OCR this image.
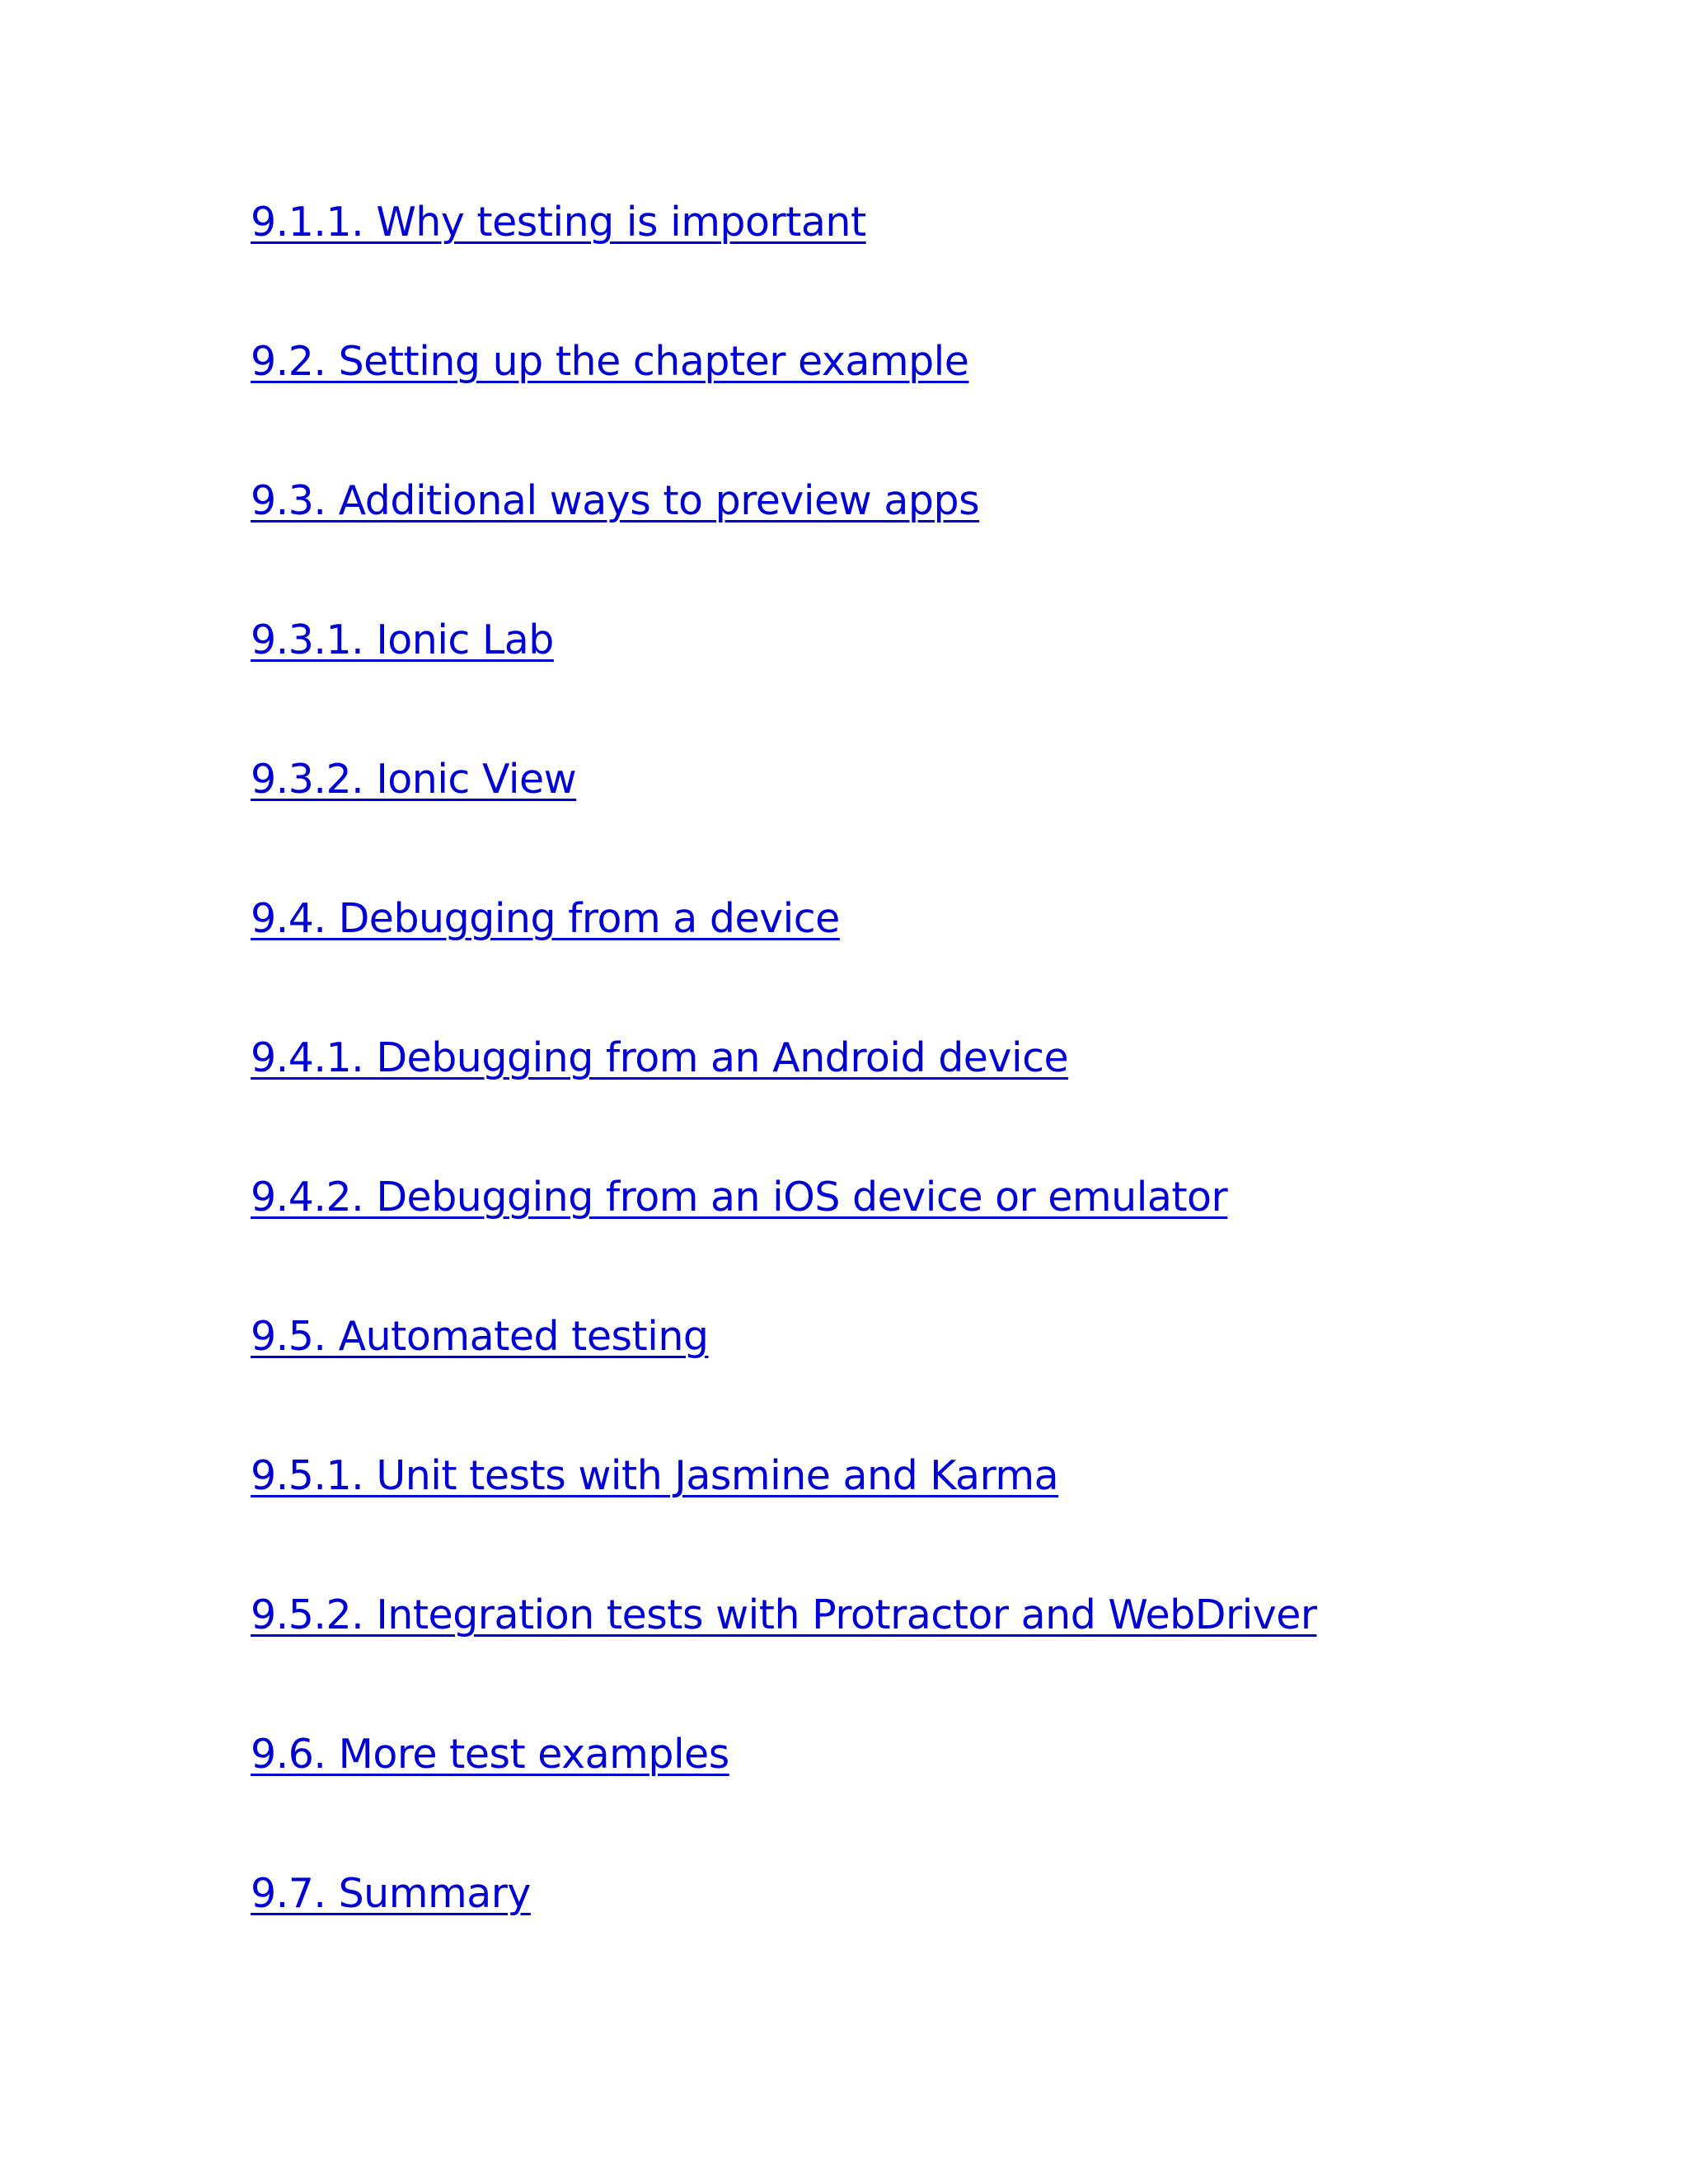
9.1.1. Why testing is important
9.2. Setting up the chapter example
9.3. Additional ways to preview apps
9.3.1. Ionic Lab
9.3.2. Ionic View
9.4. Debugging from a device
9.4.1. Debugging from an Android device
9.4.2. Debugging from an iOS device or emulator
9.5. Automated testing
9.5.1. Unit tests with Jasmine and Karma
9.5.2. Integration tests with Protractor and WebDriver
9.6. More test examples
9.7. Summary
